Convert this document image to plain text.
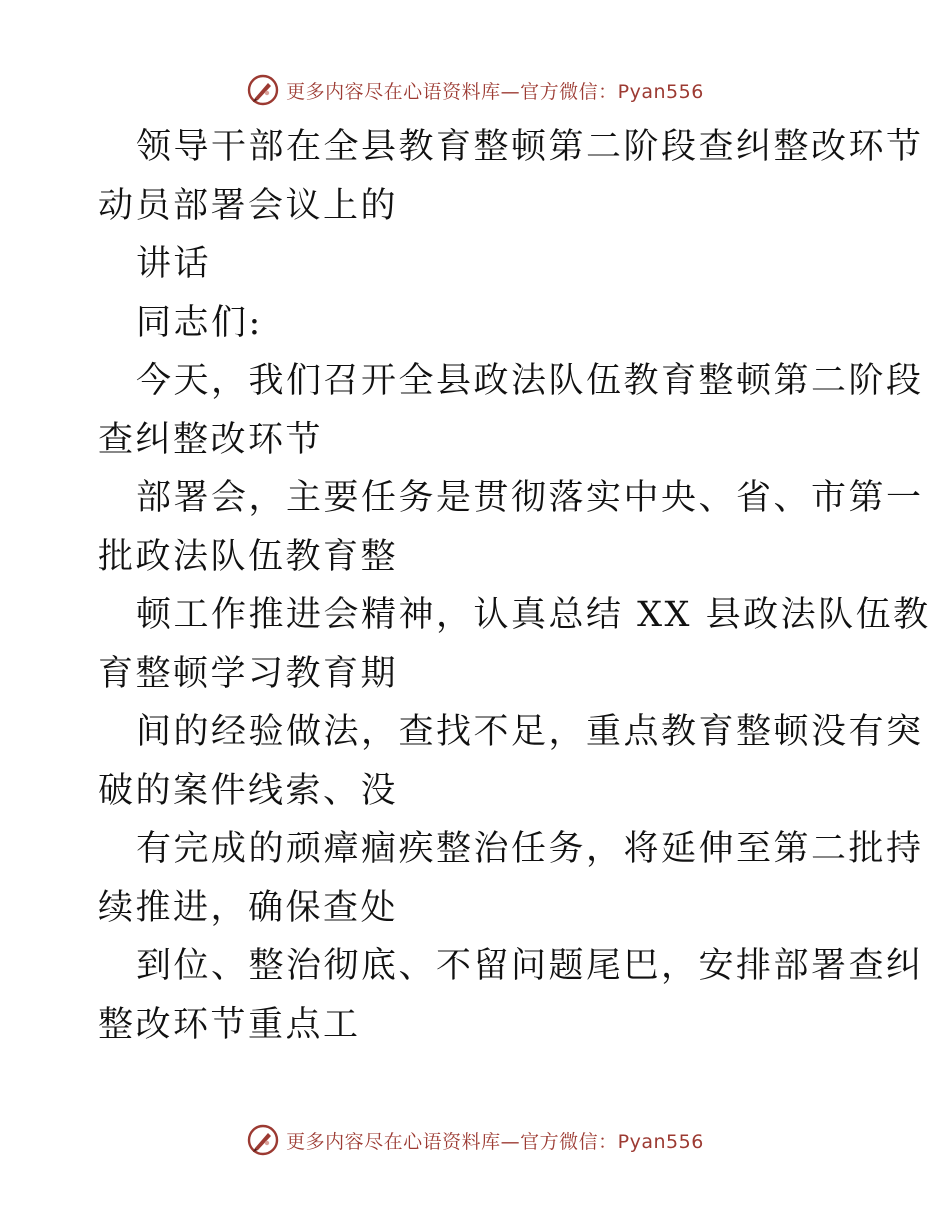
更多内容尽在心语资料库—官方微信：Pyan556
领导干部在全县教育整顿第二阶段查纠整改环节
动员部署会议上的
讲话
同志们:
今天，我们召开全县政法队伍教育整顿第二阶段
查纠整改环节
部署会，主要任务是贯彻落实中央、省、市第一
批政法队伍教育整
顿工作推进会精神，认真总结 XX 县政法队伍教
育整顿学习教育期
间的经验做法，查找不足，重点教育整顿没有突
破的案件线索、没
有完成的顽瘴痼疾整治任务，将延伸至第二批持
续推进，确保查处
到位、整治彻底、不留问题尾巴，安排部署查纠
整改环节重点工
更多内容尽在心语资料库—官方微信：Pyan556
